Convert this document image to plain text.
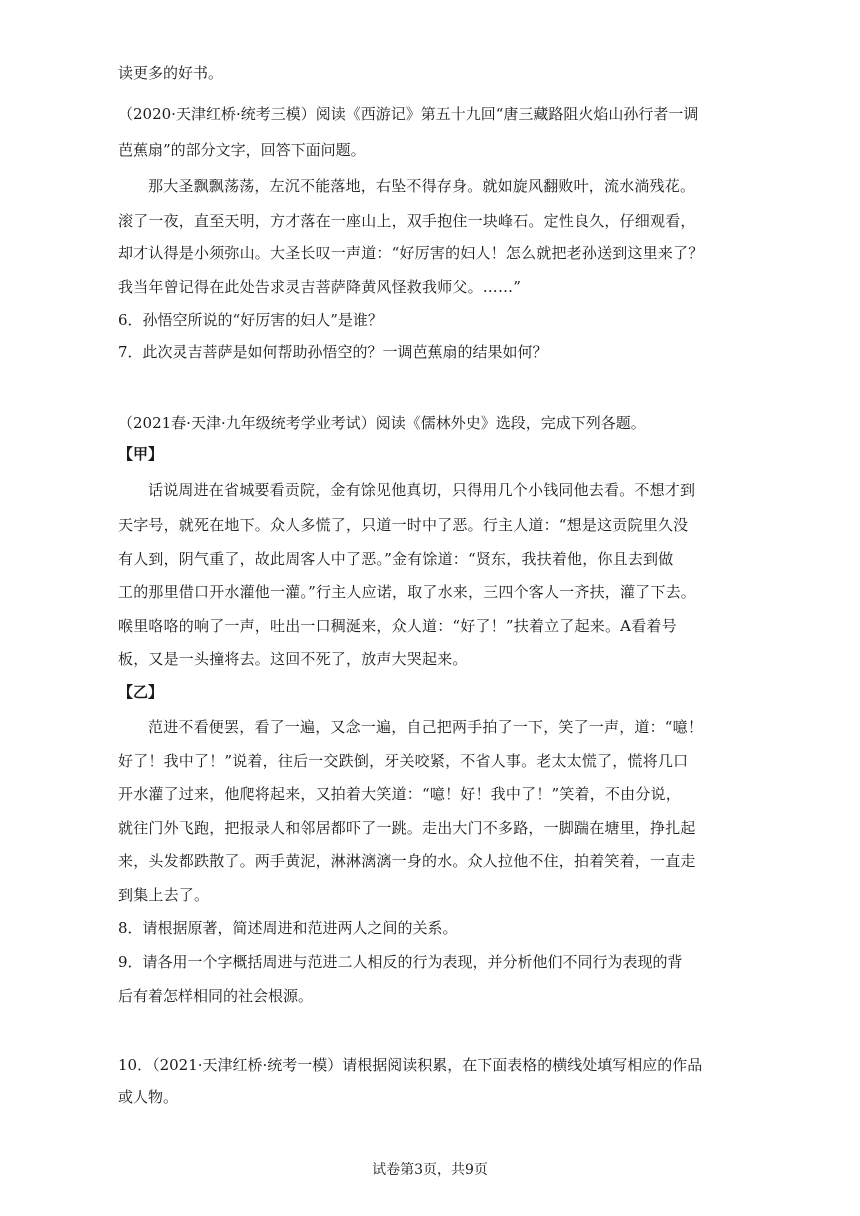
读更多的好书。
（2020·天津红桥·统考三模）阅读《西游记》第五十九回“唐三藏路阻火焰山孙行者一调
芭蕉扇”的部分文字，回答下面问题。
那大圣飘飘荡荡，左沉不能落地，右坠不得存身。就如旋风翻败叶，流水淌残花。
滚了一夜，直至天明，方才落在一座山上，双手抱住一块峰石。定性良久，仔细观看，
却才认得是小须弥山。大圣长叹一声道：“好厉害的妇人！怎么就把老孙送到这里来了？
我当年曾记得在此处告求灵吉菩萨降黄风怪救我师父。……”
6．孙悟空所说的“好厉害的妇人”是谁？
7．此次灵吉菩萨是如何帮助孙悟空的？一调芭蕉扇的结果如何？
（2021春·天津·九年级统考学业考试）阅读《儒林外史》选段，完成下列各题。
【甲】
话说周进在省城要看贡院，金有馀见他真切，只得用几个小钱同他去看。不想才到
天字号，就死在地下。众人多慌了，只道一时中了恶。行主人道：“想是这贡院里久没
有人到，阴气重了，故此周客人中了恶。”金有馀道：“贤东，我扶着他，你且去到做
工的那里借口开水灌他一灌。”行主人应诺，取了水来，三四个客人一齐扶，灌了下去。
喉里咯咯的响了一声，吐出一口稠涎来，众人道：“好了！”扶着立了起来。A看着号
板，又是一头撞将去。这回不死了，放声大哭起来。
【乙】
范进不看便罢，看了一遍，又念一遍，自己把两手拍了一下，笑了一声，道：“噫！
好了！我中了！”说着，往后一交跌倒，牙关咬紧，不省人事。老太太慌了，慌将几口
开水灌了过来，他爬将起来，又拍着大笑道：“噫！好！我中了！”笑着，不由分说，
就往门外飞跑，把报录人和邻居都吓了一跳。走出大门不多路，一脚踹在塘里，挣扎起
来，头发都跌散了。两手黄泥，淋淋漓漓一身的水。众人拉他不住，拍着笑着，一直走
到集上去了。
8．请根据原著，简述周进和范进两人之间的关系。
9．请各用一个字概括周进与范进二人相反的行为表现，并分析他们不同行为表现的背
后有着怎样相同的社会根源。
10．（2021·天津红桥·统考一模）请根据阅读积累，在下面表格的横线处填写相应的作品
或人物。
试卷第3页，共9页
